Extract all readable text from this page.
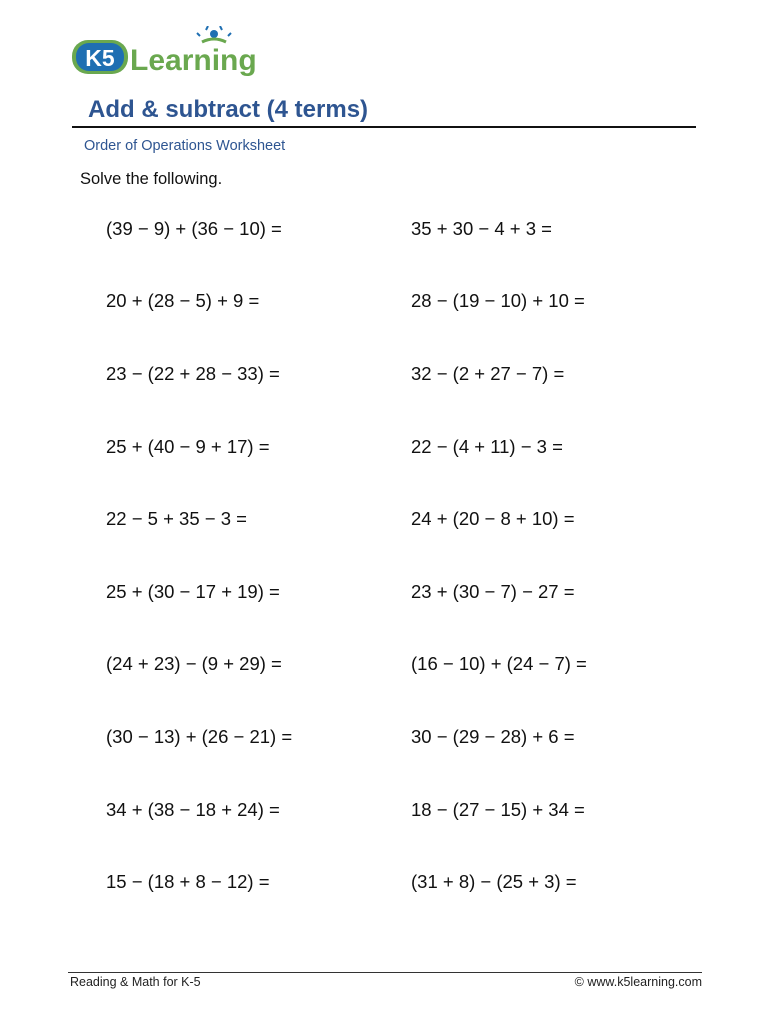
K5 Learning
Add & subtract (4 terms)
Order of Operations Worksheet
Solve the following.
(39 − 9) + (36 − 10) =
20 + (28 − 5) + 9 =
23 − (22 + 28 − 33) =
25 + (40 − 9 + 17) =
22 − 5 + 35 − 3 =
25 + (30 − 17 + 19) =
(24 + 23) − (9 + 29) =
(30 − 13) + (26 − 21) =
34 + (38 − 18 + 24) =
15 − (18 + 8 − 12) =
35 + 30 − 4 + 3 =
28 − (19 − 10) + 10 =
32 − (2 + 27 − 7) =
22 − (4 + 11) − 3 =
24 + (20 − 8 + 10) =
23 + (30 − 7) − 27 =
(16 − 10) + (24 − 7) =
30 − (29 − 28) + 6 =
18 − (27 − 15) + 34 =
(31 + 8) − (25 + 3) =
Reading & Math for K-5	© www.k5learning.com
